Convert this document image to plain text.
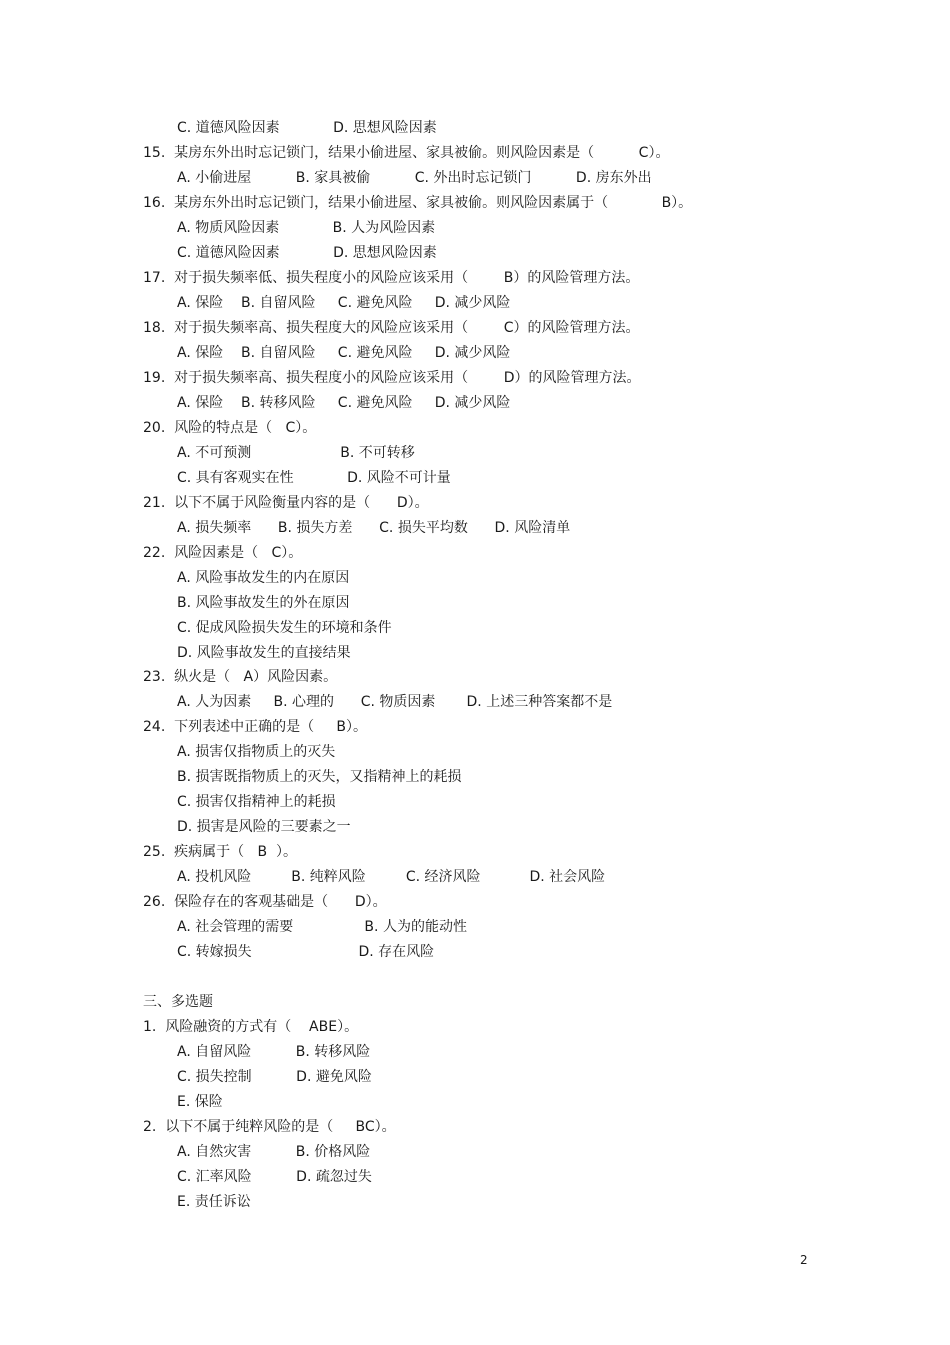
C. 道德风险因素            D. 思想风险因素
15.  某房东外出时忘记锁门，结果小偷进屋、家具被偷。则风险因素是（          C）。
A. 小偷进屋          B. 家具被偷          C. 外出时忘记锁门          D. 房东外出
16.  某房东外出时忘记锁门，结果小偷进屋、家具被偷。则风险因素属于（            B）。
A. 物质风险因素            B. 人为风险因素
C. 道德风险因素            D. 思想风险因素
17.  对于损失频率低、损失程度小的风险应该采用（        B）的风险管理方法。
A. 保险    B. 自留风险     C. 避免风险     D. 减少风险
18.  对于损失频率高、损失程度大的风险应该采用（        C）的风险管理方法。
A. 保险    B. 自留风险     C. 避免风险     D. 减少风险
19.  对于损失频率高、损失程度小的风险应该采用（        D）的风险管理方法。
A. 保险    B. 转移风险     C. 避免风险     D. 减少风险
20.  风险的特点是（   C）。
A. 不可预测                    B. 不可转移
C. 具有客观实在性            D. 风险不可计量
21.  以下不属于风险衡量内容的是（      D）。
A. 损失频率      B. 损失方差      C. 损失平均数      D. 风险清单
22.  风险因素是（   C）。
A. 风险事故发生的内在原因
B. 风险事故发生的外在原因
C. 促成风险损失发生的环境和条件
D. 风险事故发生的直接结果
23.  纵火是（   A）风险因素。
A. 人为因素     B. 心理的      C. 物质因素       D. 上述三种答案都不是
24.  下列表述中正确的是（     B）。
A. 损害仅指物质上的灭失
B. 损害既指物质上的灭失，又指精神上的耗损
C. 损害仅指精神上的耗损
D. 损害是风险的三要素之一
25.  疾病属于（   B  ）。
A. 投机风险         B. 纯粹风险         C. 经济风险           D. 社会风险
26.  保险存在的客观基础是（      D）。
A. 社会管理的需要                B. 人为的能动性
C. 转嫁损失                        D. 存在风险
三、多选题
1.  风险融资的方式有（    ABE）。
A. 自留风险          B. 转移风险
C. 损失控制          D. 避免风险
E. 保险
2.  以下不属于纯粹风险的是（     BC）。
A. 自然灾害          B. 价格风险
C. 汇率风险          D. 疏忽过失
E. 责任诉讼
2
